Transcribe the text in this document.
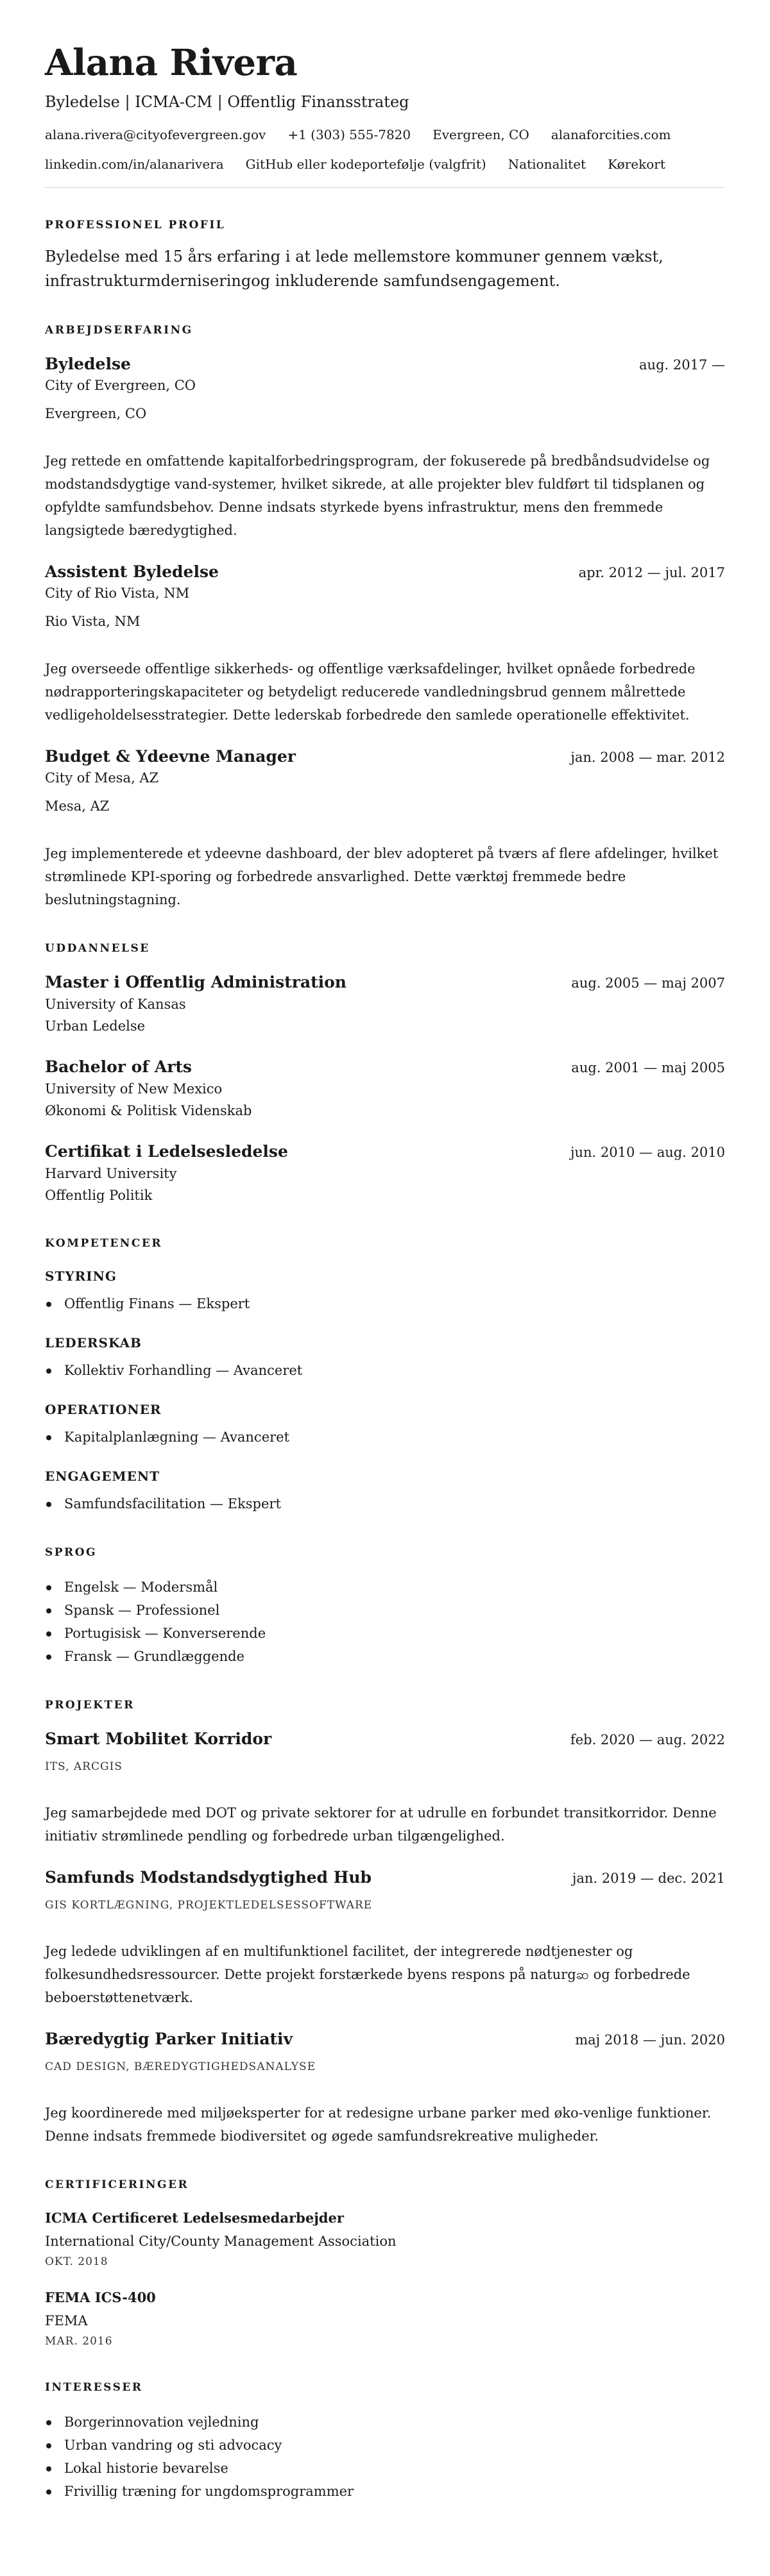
Alana Rivera
Byledelse | ICMA-CM | Offentlig Finansstrateg
alana.rivera@cityofevergreen.gov +1 (303) 555-7820 Evergreen, CO alanaforcities.com
linkedin.com/in/alanarivera GitHub eller kodeportefølje (valgfrit) Nationalitet Kørekort
PROFESSIONEL PROFIL

Byledelse med 15 års erfaring i at lede mellemstore kommuner gennem vækst, infrastrukturmderniseringog inkluderende samfundsengagement.

ARBEJDSERFARING
Byledelse	aug. 2017 —
City of Evergreen, CO
Evergreen, CO

Jeg rettede en omfattende kapitalforbedringsprogram, der fokuserede på bredbåndsudvidelse og modstandsdygtige vand-systemer, hvilket sikrede, at alle projekter blev fuldført til tidsplanen og opfyldte samfundsbehov. Denne indsats styrkede byens infrastruktur, mens den fremmede langsigtede bæredygtighed.

Assistent Byledelse	apr. 2012 — jul. 2017
City of Rio Vista, NM
Rio Vista, NM

Jeg overseede offentlige sikkerheds- og offentlige værksafdelinger, hvilket opnåede forbedrede nødrapporteringskapaciteter og betydeligt reducerede vandledningsbrud gennem målrettede vedligeholdelsesstrategier. Dette lederskab forbedrede den samlede operationelle effektivitet.

Budget & Ydeevne Manager	jan. 2008 — mar. 2012
City of Mesa, AZ
Mesa, AZ

Jeg implementerede et ydeevne dashboard, der blev adopteret på tværs af flere afdelinger, hvilket strømlinede KPI-sporing og forbedrede ansvarlighed. Dette værktøj fremmede bedre beslutningstagning.

UDDANNELSE
Master i Offentlig Administration	aug. 2005 — maj 2007
University of Kansas
Urban Ledelse
Bachelor of Arts	aug. 2001 — maj 2005
University of New Mexico
Økonomi & Politisk Videnskab
Certifikat i Ledelsesledelse	jun. 2010 — aug. 2010
Harvard University
Offentlig Politik
KOMPETENCER
STYRING
Offentlig Finans — Ekspert
LEDERSKAB
Kollektiv Forhandling — Avanceret
OPERATIONER
Kapitalplanlægning — Avanceret
ENGAGEMENT
Samfundsfacilitation — Ekspert
SPROG
Engelsk — Modersmål
Spansk — Professionel
Portugisisk — Konverserende
Fransk — Grundlæggende
PROJEKTER
Smart Mobilitet Korridor	feb. 2020 — aug. 2022
ITS, ARCGIS

Jeg samarbejdede med DOT og private sektorer for at udrulle en forbundet transitkorridor. Denne initiativ strømlinede pendling og forbedrede urban tilgængelighed.

Samfunds Modstandsdygtighed Hub	jan. 2019 — dec. 2021
GIS KORTLÆGNING, PROJEKTLEDELSESSOFTWARE

Jeg ledede udviklingen af en multifunktionel facilitet, der integrerede nødtjenester og folkesundhedsressourcer. Dette projekt forstærkede byens respons på naturgဆ og forbedrede beboerstøttenetværk.

Bæredygtig Parker Initiativ	maj 2018 — jun. 2020
CAD DESIGN, BÆREDYGTIGHEDSANALYSE

Jeg koordinerede med miljøeksperter for at redesigne urbane parker med øko-venlige funktioner. Denne indsats fremmede biodiversitet og øgede samfundsrekreative muligheder.

CERTIFICERINGER
ICMA Certificeret Ledelsesmedarbejder
International City/County Management Association
OKT. 2018
FEMA ICS-400
FEMA
MAR. 2016
INTERESSER
Borgerinnovation vejledning
Urban vandring og sti advocacy
Lokal historie bevarelse
Frivillig træning for ungdomsprogrammer
